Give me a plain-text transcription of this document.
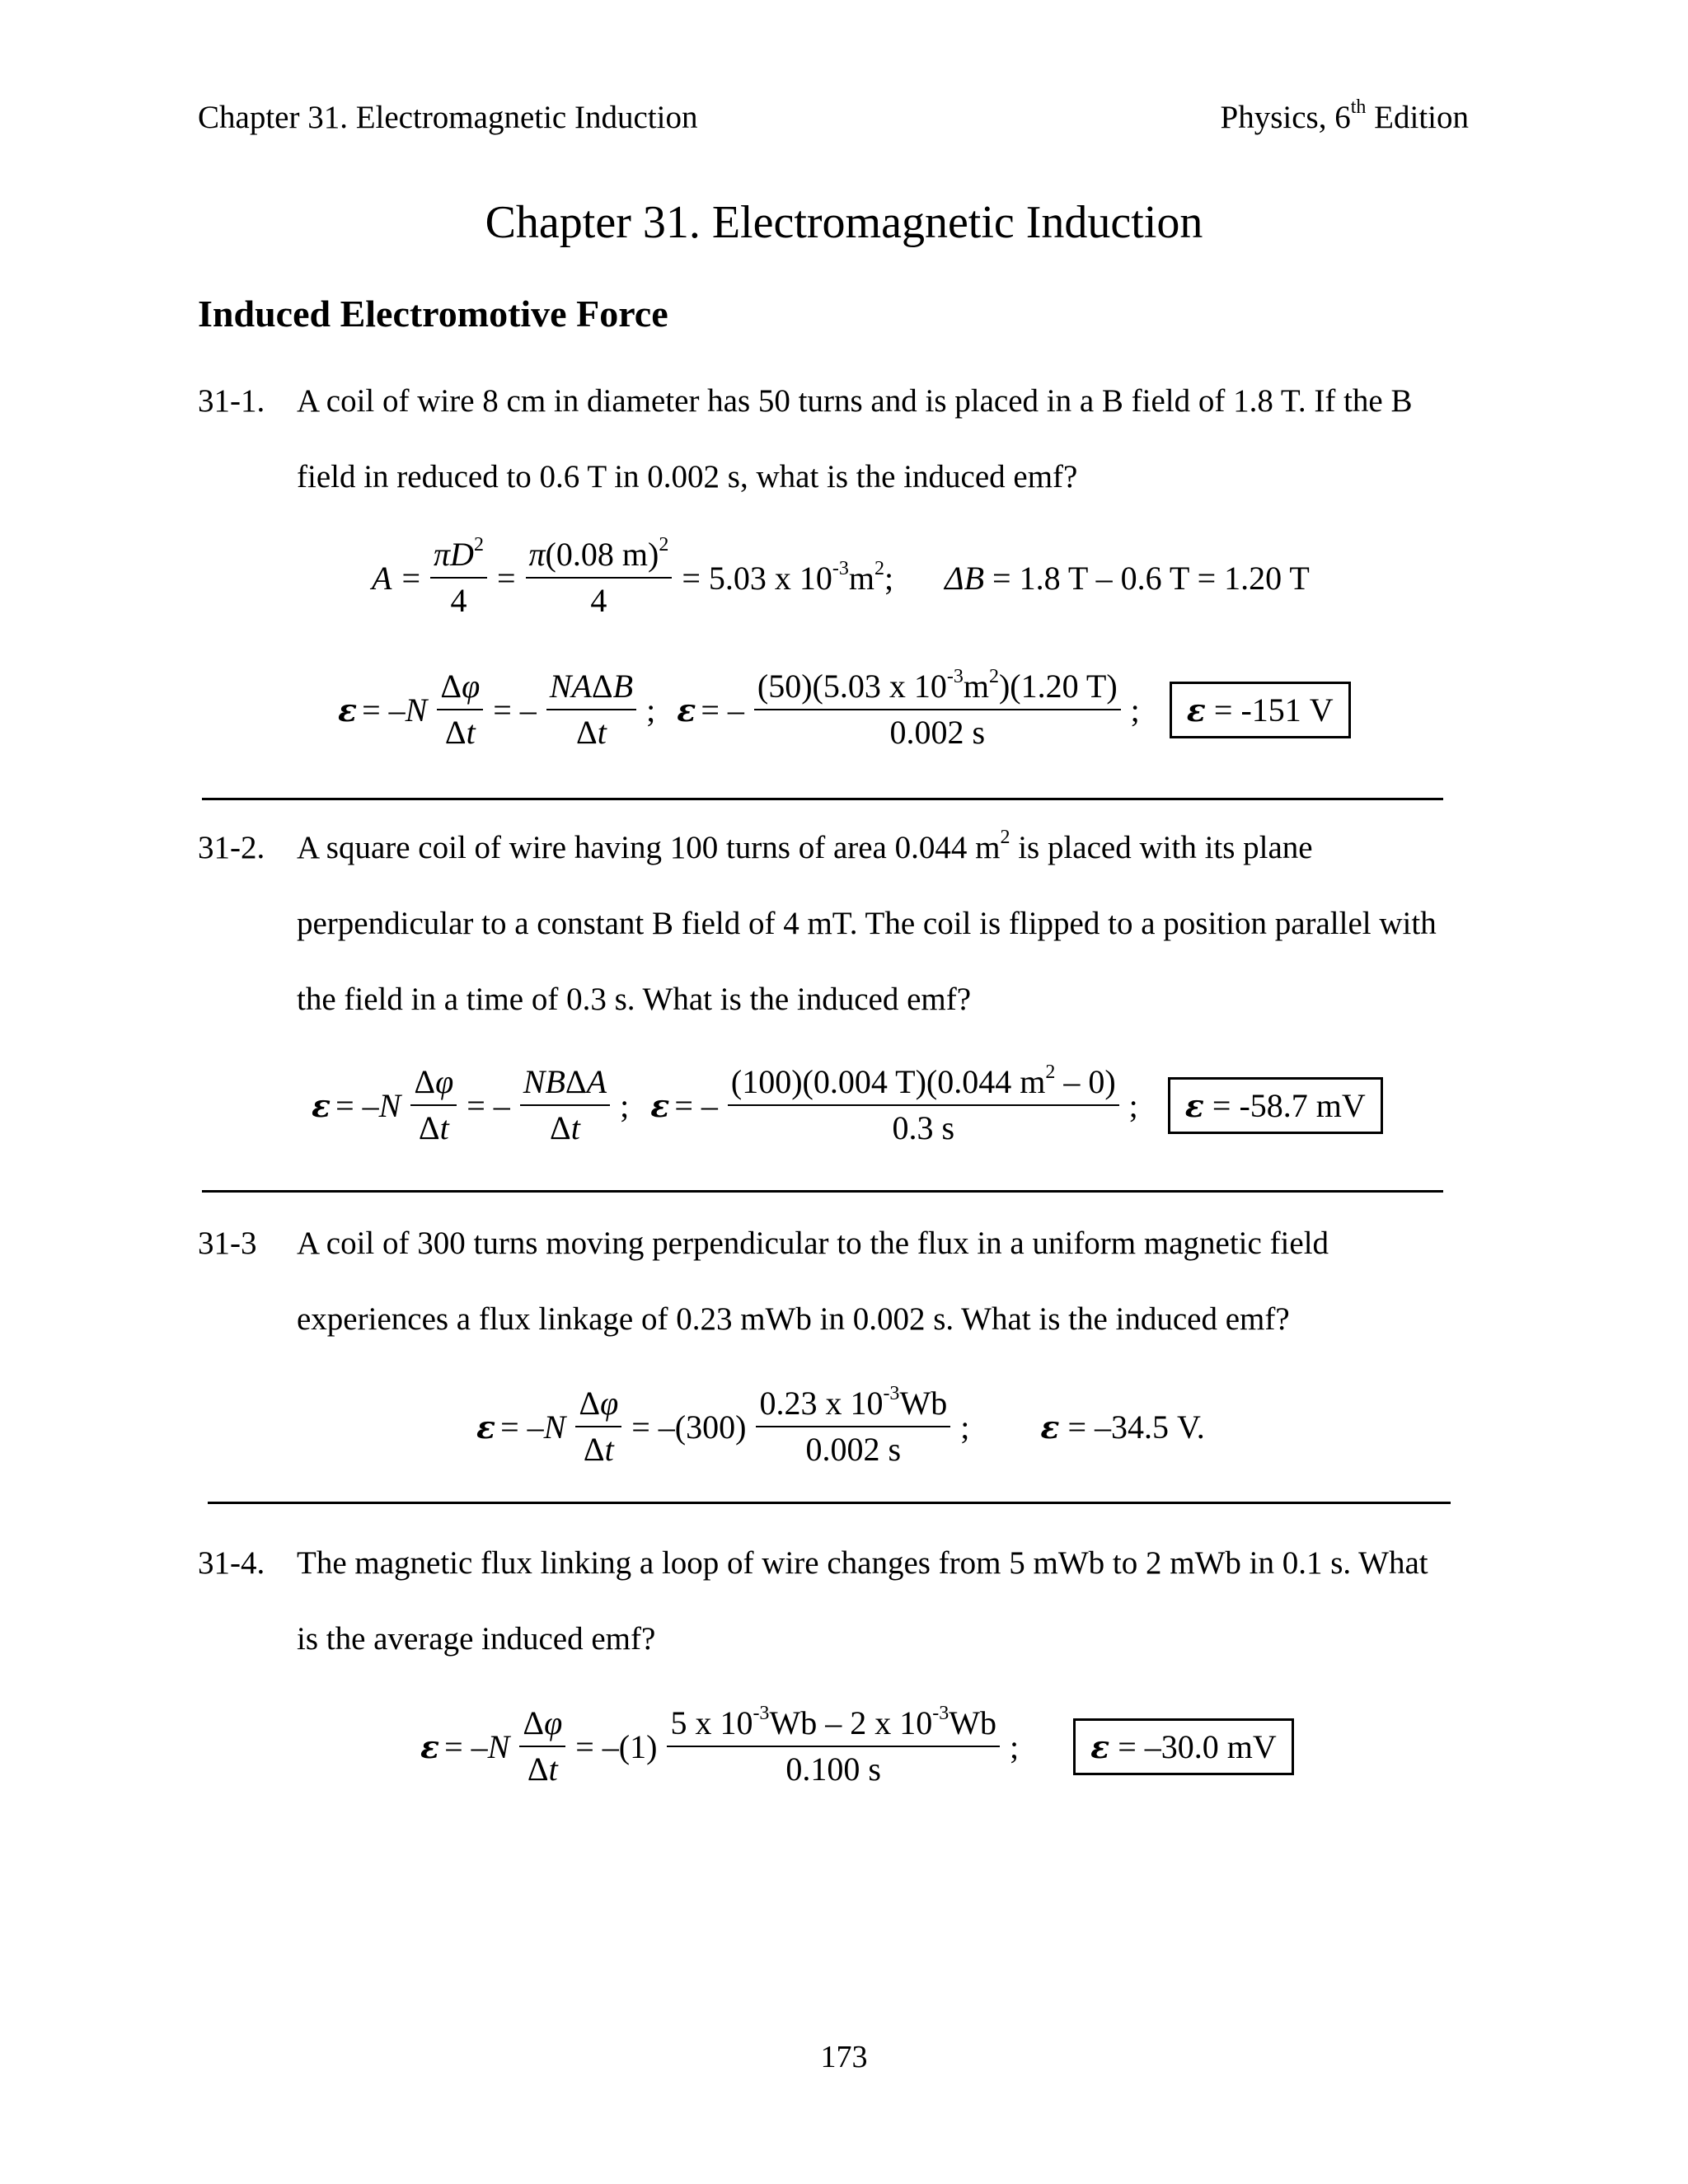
Chapter 31. Electromagnetic Induction	Physics, 6th Edition
Chapter 31. Electromagnetic Induction
Induced Electromotive Force
31-1. A coil of wire 8 cm in diameter has 50 turns and is placed in a B field of 1.8 T. If the B
field in reduced to 0.6 T in 0.002 s, what is the induced emf?
$A = \frac{\pi D^2}{4} = \frac{\pi(0.08 m)^2}{4} = 5.03$ x $10^{-3}m^2$; ΔB = 1.8 T – 0.6 T = 1.20 T
$\varepsilon = -N \frac{\Delta\varphi}{\Delta t}$ = – $\frac{\text{NAΔB}}{\Delta t}$ ; ε = – $\frac{(50)(5.03 x 10^{-3}m^2)(1.20 T)}{0.002 s}$ ;	ε = -151 V
31-2. A square coil of wire having 100 turns of area 0.044 $m^2$ is placed with its plane
perpendicular to a constant B field of 4 mT. The coil is flipped to a position parallel with
the field in a time of 0.3 s. What is the induced emf?
$\varepsilon = -N \frac{\Delta\varphi}{\Delta t}$ = – $\frac{\text{NBΔA}}{\Delta t}$ ; ε = – $\frac{(100)(0.004 T)(0.044 m^2 - 0)}{0.3 s}$ ;	ε = -58.7 mV
31-3 A coil of 300 turns moving perpendicular to the flux in a uniform magnetic field
experiences a flux linkage of 0.23 mWb in 0.002 s. What is the induced emf?
$\varepsilon = -N \frac{\Delta\varphi}{\Delta t} = -(300) \frac{0.23 x 10^{-3}Wb}{0.002 s}$ ; ε = –34.5 V.
31-4. The magnetic flux linking a loop of wire changes from 5 mWb to 2 mWb in 0.1 s. What
is the average induced emf?
$\varepsilon = -N \frac{\Delta\varphi}{\Delta t} = -(1) \frac{5 x 10^{-3}Wb - 2 x 10^{-3}Wb}{0.100 s}$ ;	ε = –30.0 mV
173
